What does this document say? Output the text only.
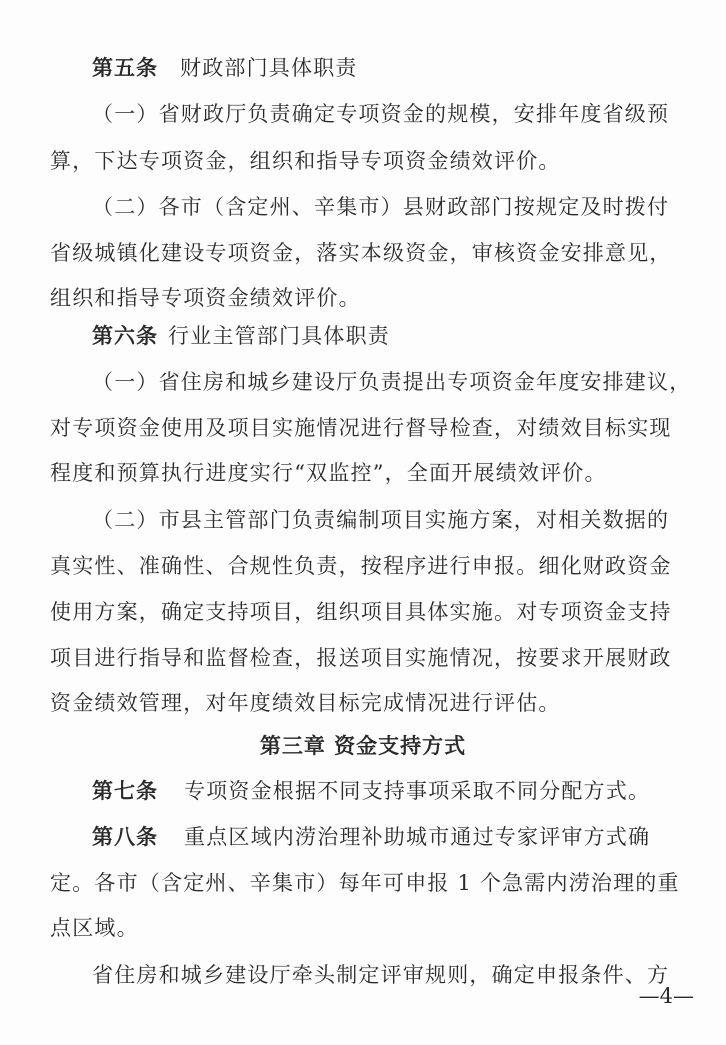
第五条 财政部门具体职责
（一）省财政厅负责确定专项资金的规模，安排年度省级预
算，下达专项资金，组织和指导专项资金绩效评价。
（二）各市（含定州、辛集市）县财政部门按规定及时拨付
省级城镇化建设专项资金，落实本级资金，审核资金安排意见，
组织和指导专项资金绩效评价。
第六条 行业主管部门具体职责
（一）省住房和城乡建设厅负责提出专项资金年度安排建议，
对专项资金使用及项目实施情况进行督导检查，对绩效目标实现
程度和预算执行进度实行“双监控”，全面开展绩效评价。
（二）市县主管部门负责编制项目实施方案，对相关数据的
真实性、准确性、合规性负责，按程序进行申报。细化财政资金
使用方案，确定支持项目，组织项目具体实施。对专项资金支持
项目进行指导和监督检查，报送项目实施情况，按要求开展财政
资金绩效管理，对年度绩效目标完成情况进行评估。
第三章 资金支持方式
第七条 专项资金根据不同支持事项采取不同分配方式。
第八条 重点区域内涝治理补助城市通过专家评审方式确
定。各市（含定州、辛集市）每年可申报 1 个急需内涝治理的重
点区域。
省住房和城乡建设厅牵头制定评审规则，确定申报条件、方
—4—
